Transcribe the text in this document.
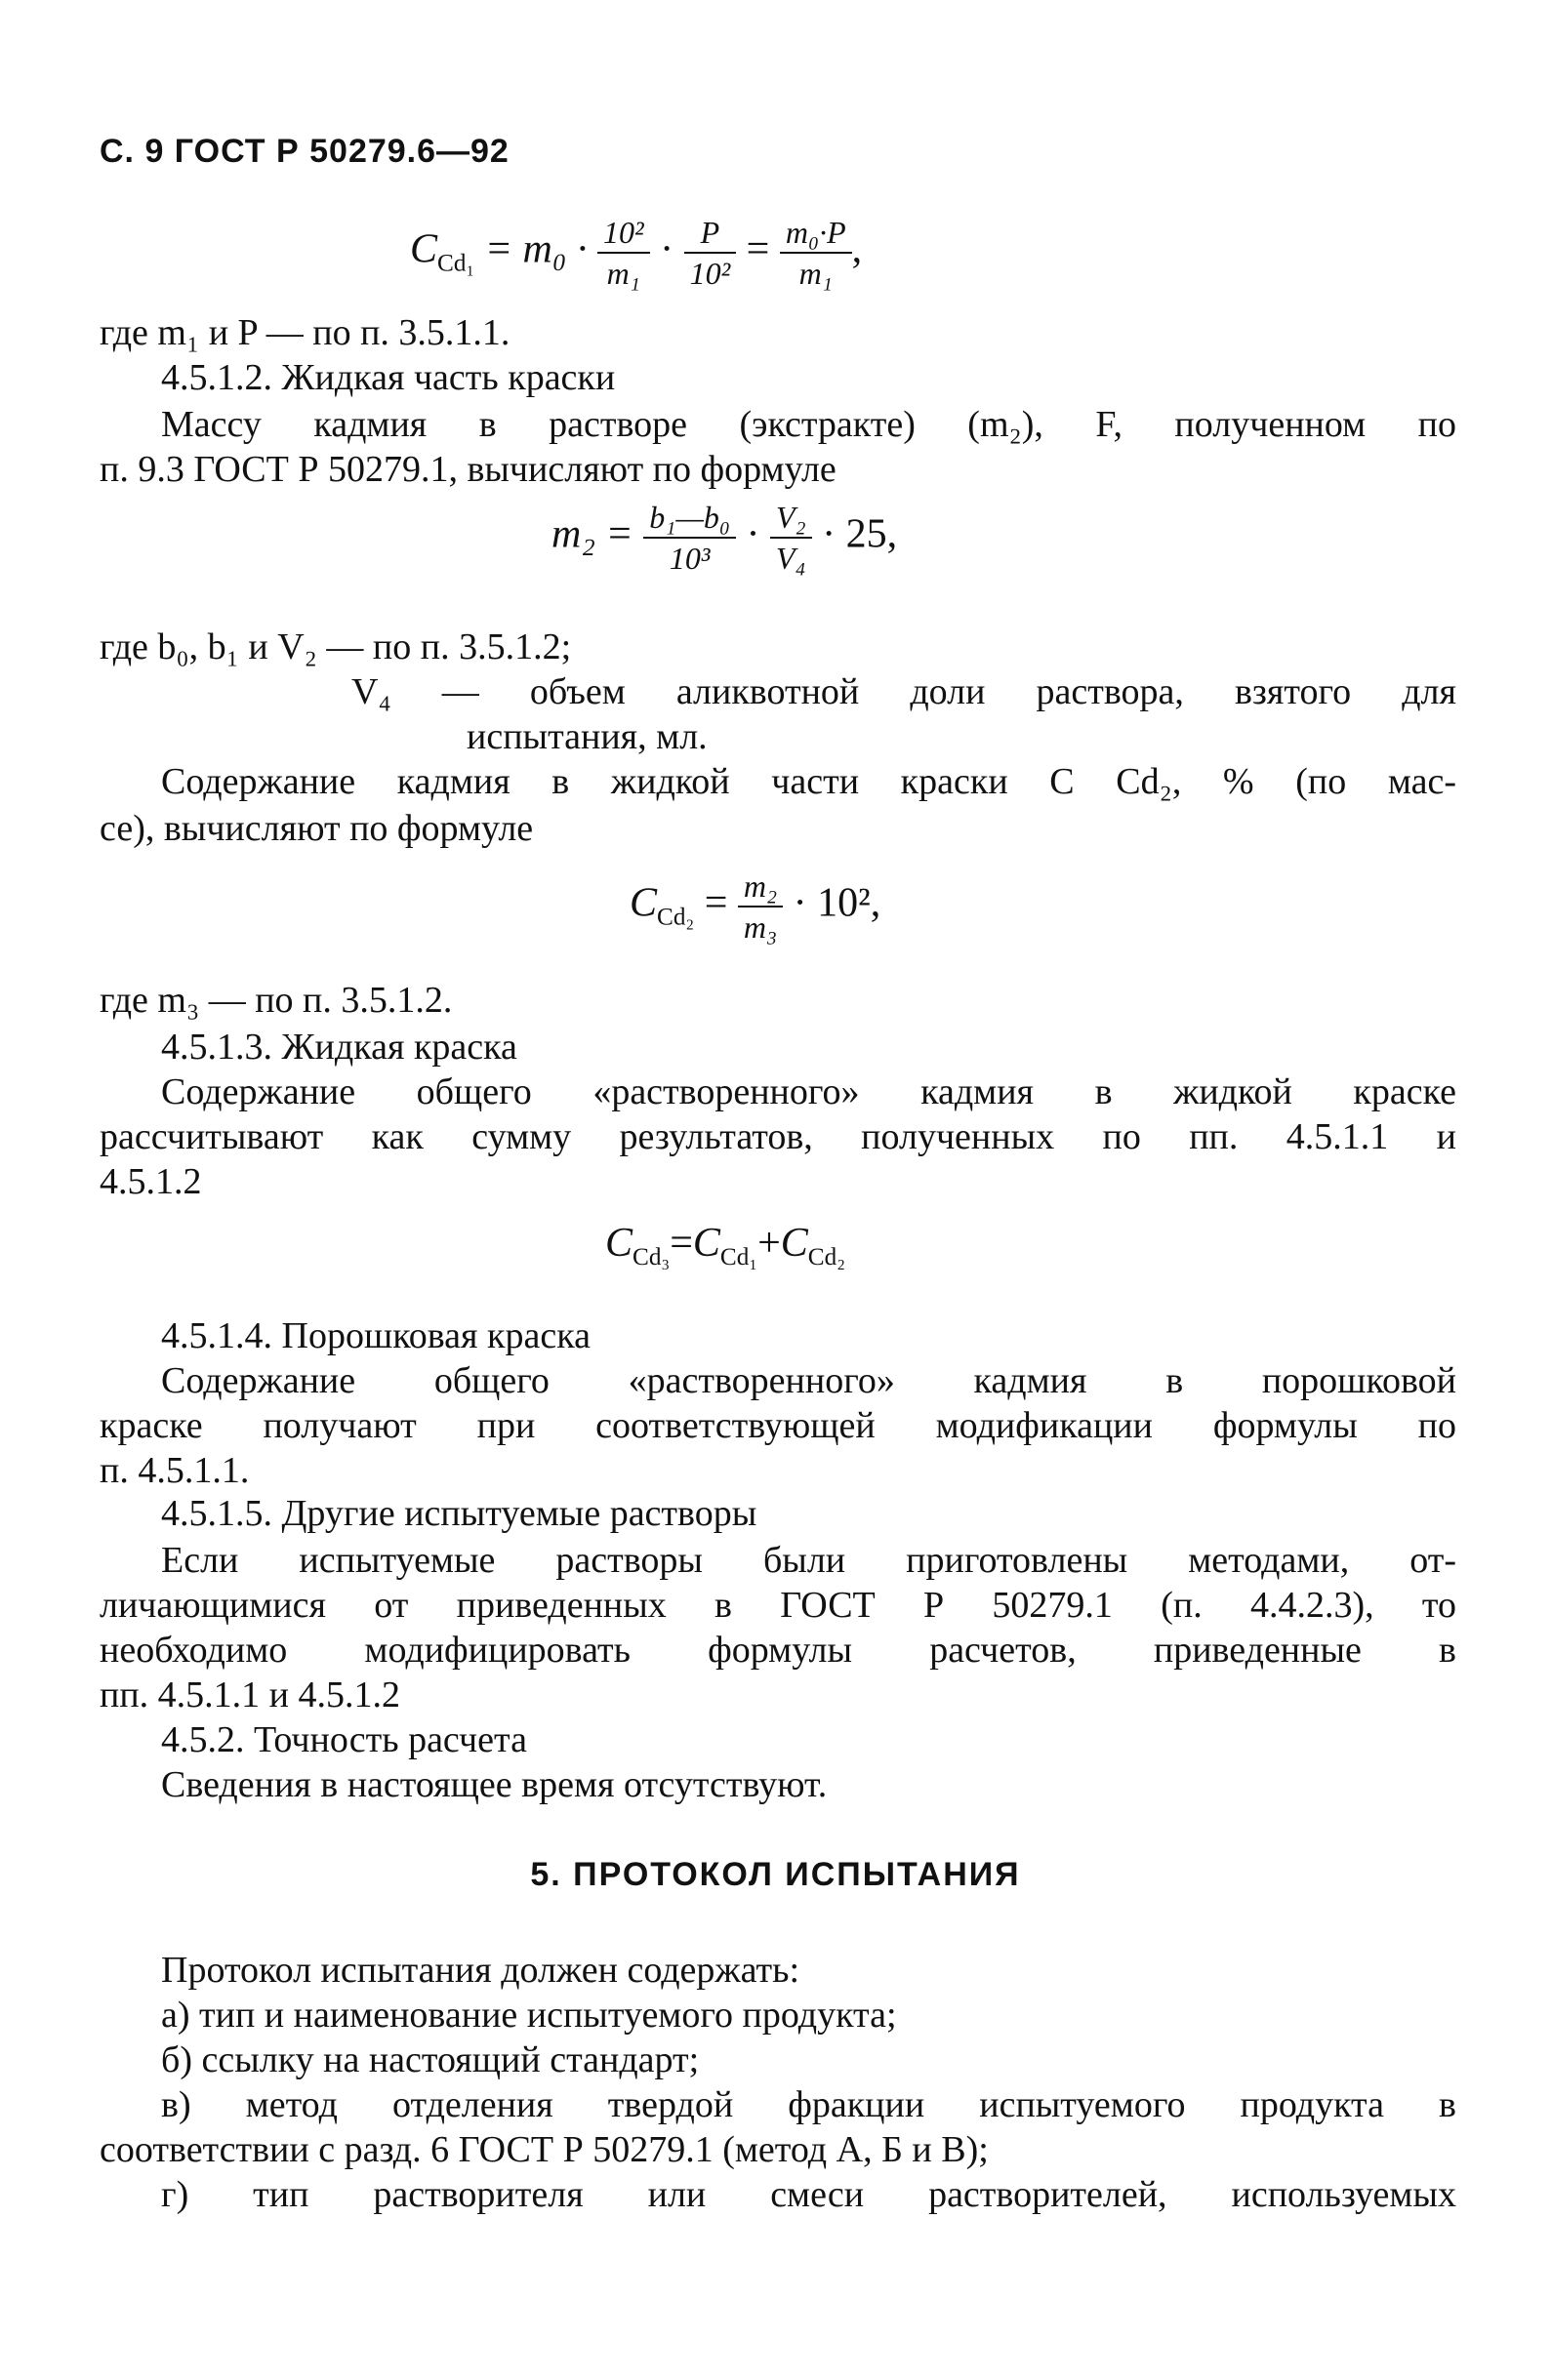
С. 9 ГОСТ Р 50279.6—92
$C_{Cd_1} = m_0 \cdot \frac{\text{10²}}{\text{m₁}} \cdot \frac{P}{\text{10²}} = \frac{\text{m₀·P}}{\text{m₁}}$ ,
где m₁ и P — по п. 3.5.1.1.
4.5.1.2. Жидкая часть краски
Массу кадмия в растворе (экстракте) (m₂), F, полученном по
п. 9.3 ГОСТ Р 50279.1, вычисляют по формуле
$m_2 = \frac{\text{b₁—b₀}}{\text{10³}} \cdot \frac{\text{V₂}}{\text{V₄}} \cdot 25$,
где b₀, b₁ и V₂ — по п. 3.5.1.2;
V₄ — объем аликвотной доли раствора, взятого для
испытания, мл.
Содержание кадмия в жидкой части краски C Cd₂, % (по мас-
се), вычисляют по формуле
$C_{Cd_2} = \frac{\text{m₂}}{\text{m₃}} \cdot 10^2$,
где m₃ — по п. 3.5.1.2.
4.5.1.3. Жидкая краска
Содержание общего «растворенного» кадмия в жидкой краске
рассчитывают как сумму результатов, полученных по пп. 4.5.1.1 и
4.5.1.2
$C_{Cd_3}=C_{Cd_1}+C_{Cd_2}$
4.5.1.4. Порошковая краска
Содержание общего «растворенного» кадмия в порошковой
краске получают при соответствующей модификации формулы по
п. 4.5.1.1.
4.5.1.5. Другие испытуемые растворы
Если испытуемые растворы были приготовлены методами, от-
личающимися от приведенных в ГОСТ Р 50279.1 (п. 4.4.2.3), то
необходимо модифицировать формулы расчетов, приведенные в
пп. 4.5.1.1 и 4.5.1.2
4.5.2. Точность расчета
Сведения в настоящее время отсутствуют.
5. ПРОТОКОЛ ИСПЫТАНИЯ
Протокол испытания должен содержать:
а) тип и наименование испытуемого продукта;
б) ссылку на настоящий стандарт;
в) метод отделения твердой фракции испытуемого продукта в
соответствии с разд. 6 ГОСТ Р 50279.1 (метод А, Б и В);
г) тип растворителя или смеси растворителей, используемых
